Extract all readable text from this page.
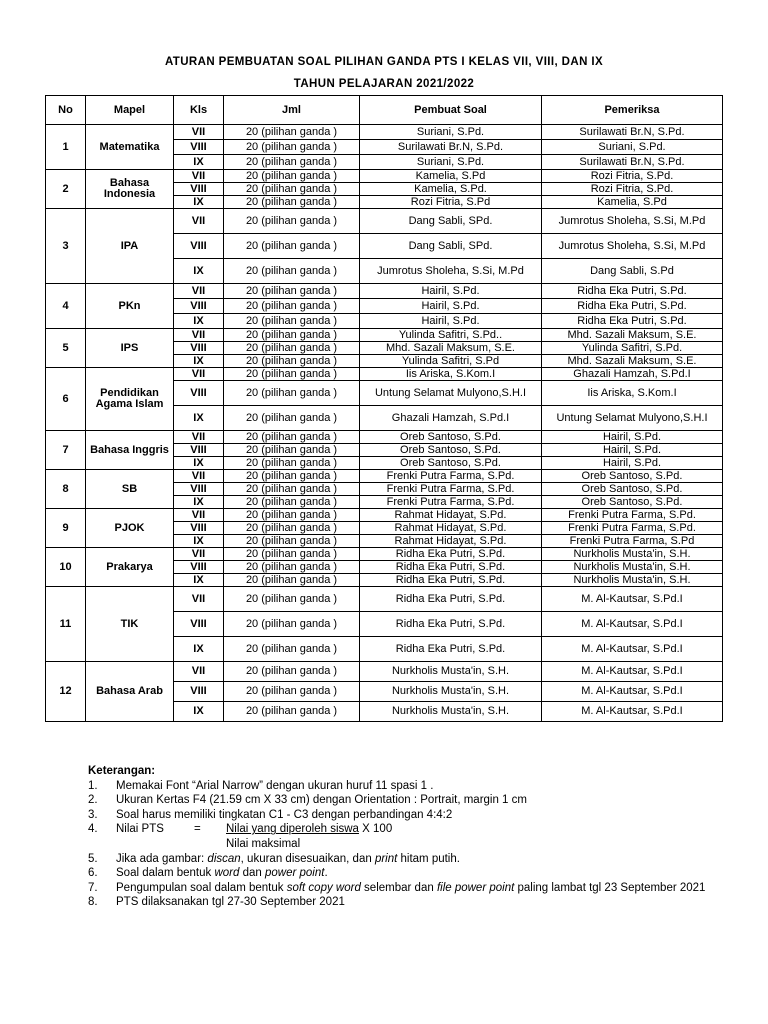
ATURAN PEMBUATAN SOAL PILIHAN GANDA PTS I KELAS VII, VIII, DAN IX
TAHUN PELAJARAN 2021/2022
No	Mapel	Kls	Jml	Pembuat Soal	Pemeriksa
1	Matematika	VII	20 (pilihan ganda )	Suriani, S.Pd.	Surilawati Br.N, S.Pd.
		VIII	20 (pilihan ganda )	Surilawati Br.N, S.Pd.	Suriani, S.Pd.
		IX	20 (pilihan ganda )	Suriani, S.Pd.	Surilawati Br.N, S.Pd.
2	Bahasa Indonesia	VII	20 (pilihan ganda )	Kamelia, S.Pd	Rozi Fitria, S.Pd.
		VIII	20 (pilihan ganda )	Kamelia, S.Pd.	Rozi Fitria, S.Pd.
		IX	20 (pilihan ganda )	Rozi Fitria, S.Pd	Kamelia, S.Pd
3	IPA	VII	20 (pilihan ganda )	Dang Sabli, SPd.	Jumrotus Sholeha, S.Si, M.Pd
		VIII	20 (pilihan ganda )	Dang Sabli, SPd.	Jumrotus Sholeha, S.Si, M.Pd
		IX	20 (pilihan ganda )	Jumrotus Sholeha, S.Si, M.Pd	Dang Sabli, S.Pd
4	PKn	VII	20 (pilihan ganda )	Hairil, S.Pd.	Ridha Eka Putri, S.Pd.
		VIII	20 (pilihan ganda )	Hairil, S.Pd.	Ridha Eka Putri, S.Pd.
		IX	20 (pilihan ganda )	Hairil, S.Pd.	Ridha Eka Putri, S.Pd.
5	IPS	VII	20 (pilihan ganda )	Yulinda Safitri, S.Pd..	Mhd. Sazali Maksum, S.E.
		VIII	20 (pilihan ganda )	Mhd. Sazali Maksum, S.E.	Yulinda Safitri, S.Pd.
		IX	20 (pilihan ganda )	Yulinda Safitri, S.Pd	Mhd. Sazali Maksum, S.E.
6	Pendidikan Agama Islam	VII	20 (pilihan ganda )	Iis Ariska, S.Kom.I	Ghazali Hamzah, S.Pd.I
		VIII	20 (pilihan ganda )	Untung Selamat Mulyono,S.H.I	Iis Ariska, S.Kom.I
		IX	20 (pilihan ganda )	Ghazali Hamzah, S.Pd.I	Untung Selamat Mulyono,S.H.I
7	Bahasa Inggris	VII	20 (pilihan ganda )	Oreb Santoso, S.Pd.	Hairil, S.Pd.
		VIII	20 (pilihan ganda )	Oreb Santoso, S.Pd.	Hairil, S.Pd.
		IX	20 (pilihan ganda )	Oreb Santoso, S.Pd.	Hairil, S.Pd.
8	SB	VII	20 (pilihan ganda )	Frenki Putra Farma, S.Pd.	Oreb Santoso, S.Pd.
		VIII	20 (pilihan ganda )	Frenki Putra Farma, S.Pd.	Oreb Santoso, S.Pd.
		IX	20 (pilihan ganda )	Frenki Putra Farma, S.Pd.	Oreb Santoso, S.Pd.
9	PJOK	VII	20 (pilihan ganda )	Rahmat Hidayat, S.Pd.	Frenki Putra Farma, S.Pd.
		VIII	20 (pilihan ganda )	Rahmat Hidayat, S.Pd.	Frenki Putra Farma, S.Pd.
		IX	20 (pilihan ganda )	Rahmat Hidayat, S.Pd.	Frenki Putra Farma, S.Pd
10	Prakarya	VII	20 (pilihan ganda )	Ridha Eka Putri, S.Pd.	Nurkholis Musta'in, S.H.
		VIII	20 (pilihan ganda )	Ridha Eka Putri, S.Pd.	Nurkholis Musta'in, S.H.
		IX	20 (pilihan ganda )	Ridha Eka Putri, S.Pd.	Nurkholis Musta'in, S.H.
11	TIK	VII	20 (pilihan ganda )	Ridha Eka Putri, S.Pd.	M. Al-Kautsar, S.Pd.I
		VIII	20 (pilihan ganda )	Ridha Eka Putri, S.Pd.	M. Al-Kautsar, S.Pd.I
		IX	20 (pilihan ganda )	Ridha Eka Putri, S.Pd.	M. Al-Kautsar, S.Pd.I
12	Bahasa Arab	VII	20 (pilihan ganda )	Nurkholis Musta'in, S.H.	M. Al-Kautsar, S.Pd.I
		VIII	20 (pilihan ganda )	Nurkholis Musta'in, S.H.	M. Al-Kautsar, S.Pd.I
		IX	20 (pilihan ganda )	Nurkholis Musta'in, S.H.	M. Al-Kautsar, S.Pd.I
Keterangan:
1. Memakai Font “Arial Narrow” dengan ukuran huruf 11 spasi 1 .
2. Ukuran Kertas F4 (21.59 cm X 33 cm) dengan Orientation : Portrait, margin 1 cm
3. Soal harus memiliki tingkatan C1 - C3 dengan perbandingan 4:4:2
4. Nilai PTS	= $\frac{\text{Nilai yang diperoleh siswa}}{\text{Nilai maksimal}}$ X 100
5. Jika ada gambar: discan, ukuran disesuaikan, dan print hitam putih.
6. Soal dalam bentuk word dan power point.
7. Pengumpulan soal dalam bentuk soft copy word selembar dan file power point paling lambat tgl 23 September 2021
8. PTS dilaksanakan tgl 27-30 September 2021
